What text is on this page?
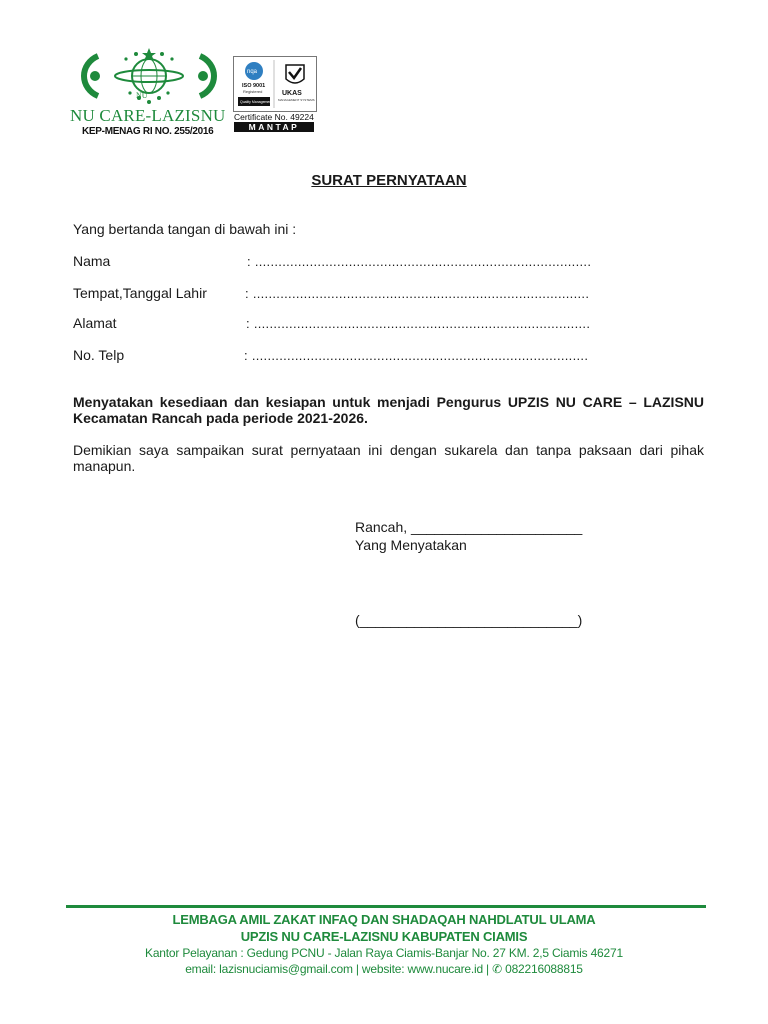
NU
NU CARE-LAZISNU
KEP-MENAG RI NO. 255/2016
nqa
ISO 9001
Registered
Quality Management
UKAS
MANAGEMENT SYSTEMS
Certificate No. 49224
MANTAP
SURAT PERNYATAAN
Yang bertanda tangan di bawah ini :
Nama	: ......................................................................................
Tempat,Tanggal Lahir	: ......................................................................................
Alamat	: ......................................................................................
No. Telp	: ......................................................................................
Menyatakan kesediaan dan kesiapan untuk menjadi Pengurus UPZIS NU CARE – LAZISNU Kecamatan Rancah pada periode 2021-2026.
Demikian saya sampaikan surat pernyataan ini dengan sukarela dan tanpa paksaan dari pihak manapun.
Rancah, ______________________
Yang Menyatakan
(____________________________)
LEMBAGA AMIL ZAKAT INFAQ DAN SHADAQAH NAHDLATUL ULAMA
UPZIS NU CARE-LAZISNU KABUPATEN CIAMIS
Kantor Pelayanan : Gedung PCNU - Jalan Raya Ciamis-Banjar No. 27 KM. 2,5 Ciamis 46271
email: lazisnuciamis@gmail.com | website: www.nucare.id | ✆ 082216088815
